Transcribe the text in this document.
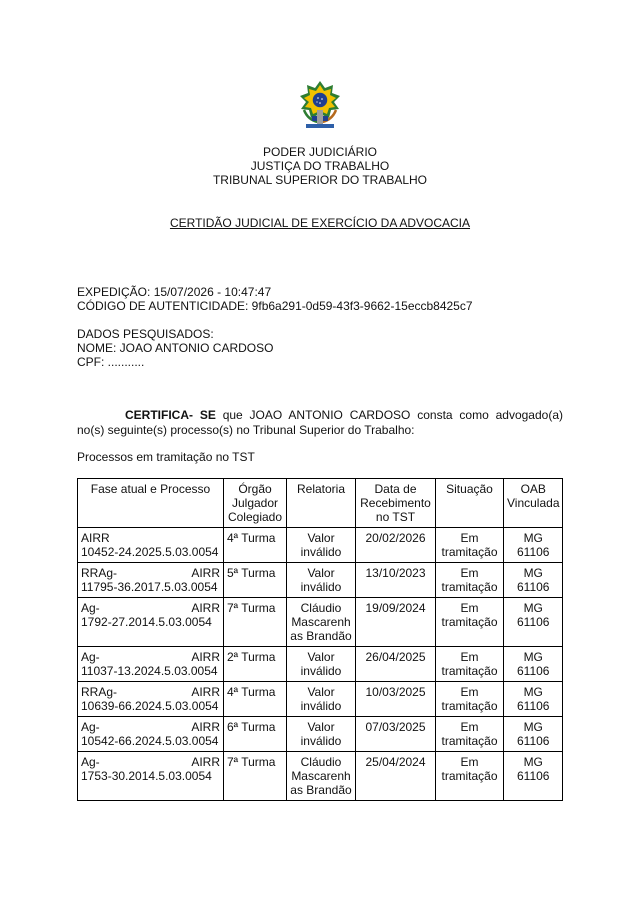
PODER JUDICIÁRIO
JUSTIÇA DO TRABALHO
TRIBUNAL SUPERIOR DO TRABALHO
CERTIDÃO JUDICIAL DE EXERCÍCIO DA ADVOCACIA
EXPEDIÇÃO: 15/07/2026 - 10:47:47
CÓDIGO DE AUTENTICIDADE: 9fb6a291-0d59-43f3-9662-15eccb8425c7
DADOS PESQUISADOS:
NOME: JOAO ANTONIO CARDOSO
CPF: ...........
CERTIFICA- SE que JOAO ANTONIO CARDOSO consta como advogado(a) no(s) seguinte(s) processo(s) no Tribunal Superior do Trabalho:
Processos em tramitação no TST
Fase atual e Processo	Órgão Julgador Colegiado	Relatoria	Data de Recebimento no TST	Situação	OAB Vinculada

AIRR
10452-24.2025.5.03.0054	4ª Turma	Valor inválido	20/02/2026	Em tramitação	MG 61106

RRAg- AIRR
11795-36.2017.5.03.0054	5ª Turma	Valor inválido	13/10/2023	Em tramitação	MG 61106

Ag- AIRR
1792-27.2014.5.03.0054	7ª Turma	Cláudio Mascarenh as Brandão	19/09/2024	Em tramitação	MG 61106

Ag- AIRR
11037-13.2024.5.03.0054	2ª Turma	Valor inválido	26/04/2025	Em tramitação	MG 61106

RRAg- AIRR
10639-66.2024.5.03.0054	4ª Turma	Valor inválido	10/03/2025	Em tramitação	MG 61106

Ag- AIRR
10542-66.2024.5.03.0054	6ª Turma	Valor inválido	07/03/2025	Em tramitação	MG 61106

Ag- AIRR
1753-30.2014.5.03.0054	7ª Turma	Cláudio Mascarenh as Brandão	25/04/2024	Em tramitação	MG 61106
